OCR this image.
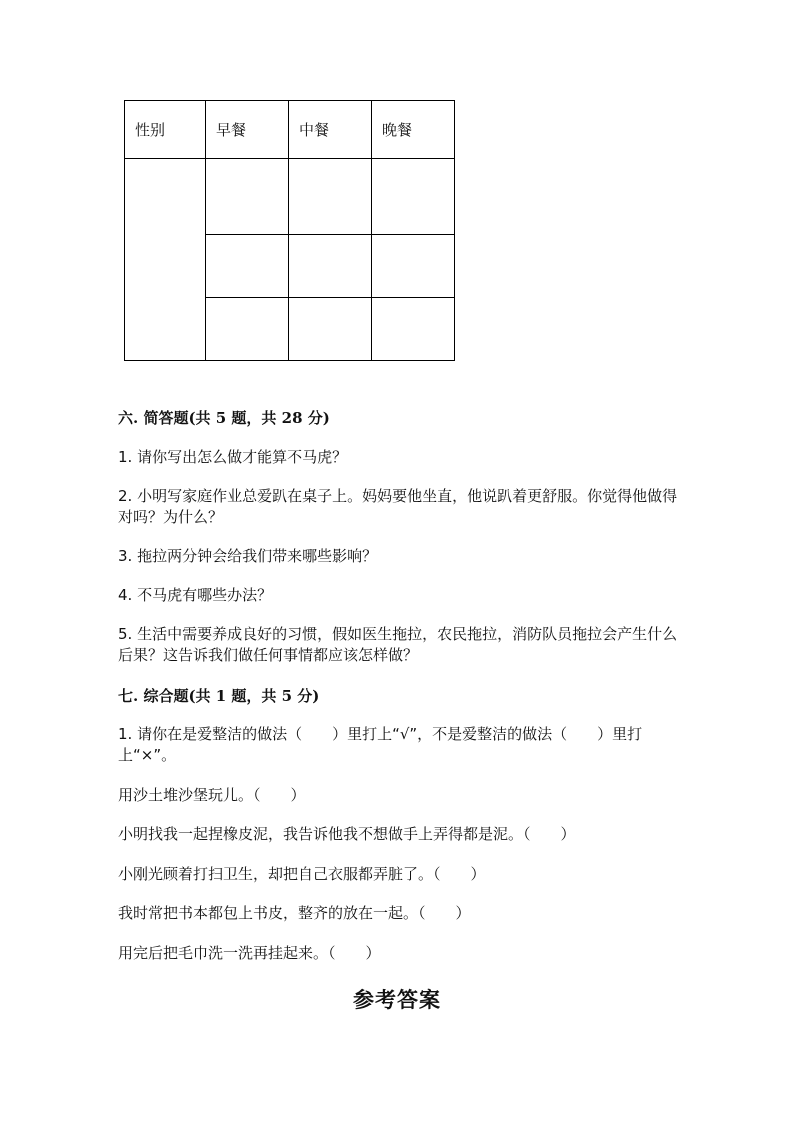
性别	早餐	中餐	晚餐

六. 简答题(共 5 题，共 28 分)

1. 请你写出怎么做才能算不马虎？

2. 小明写家庭作业总爱趴在桌子上。妈妈要他坐直，他说趴着更舒服。你觉得他做得对吗？为什么？

3. 拖拉两分钟会给我们带来哪些影响？

4. 不马虎有哪些办法？

5. 生活中需要养成良好的习惯，假如医生拖拉，农民拖拉，消防队员拖拉会产生什么后果？这告诉我们做任何事情都应该怎样做？

七. 综合题(共 1 题，共 5 分)

1. 请你在是爱整洁的做法（　　）里打上“√”，不是爱整洁的做法（　　）里打上“×”。

用沙土堆沙堡玩儿。（　　）

小明找我一起捏橡皮泥，我告诉他我不想做手上弄得都是泥。（　　）

小刚光顾着打扫卫生，却把自己衣服都弄脏了。（　　）

我时常把书本都包上书皮，整齐的放在一起。（　　）

用完后把毛巾洗一洗再挂起来。（　　）

参考答案
